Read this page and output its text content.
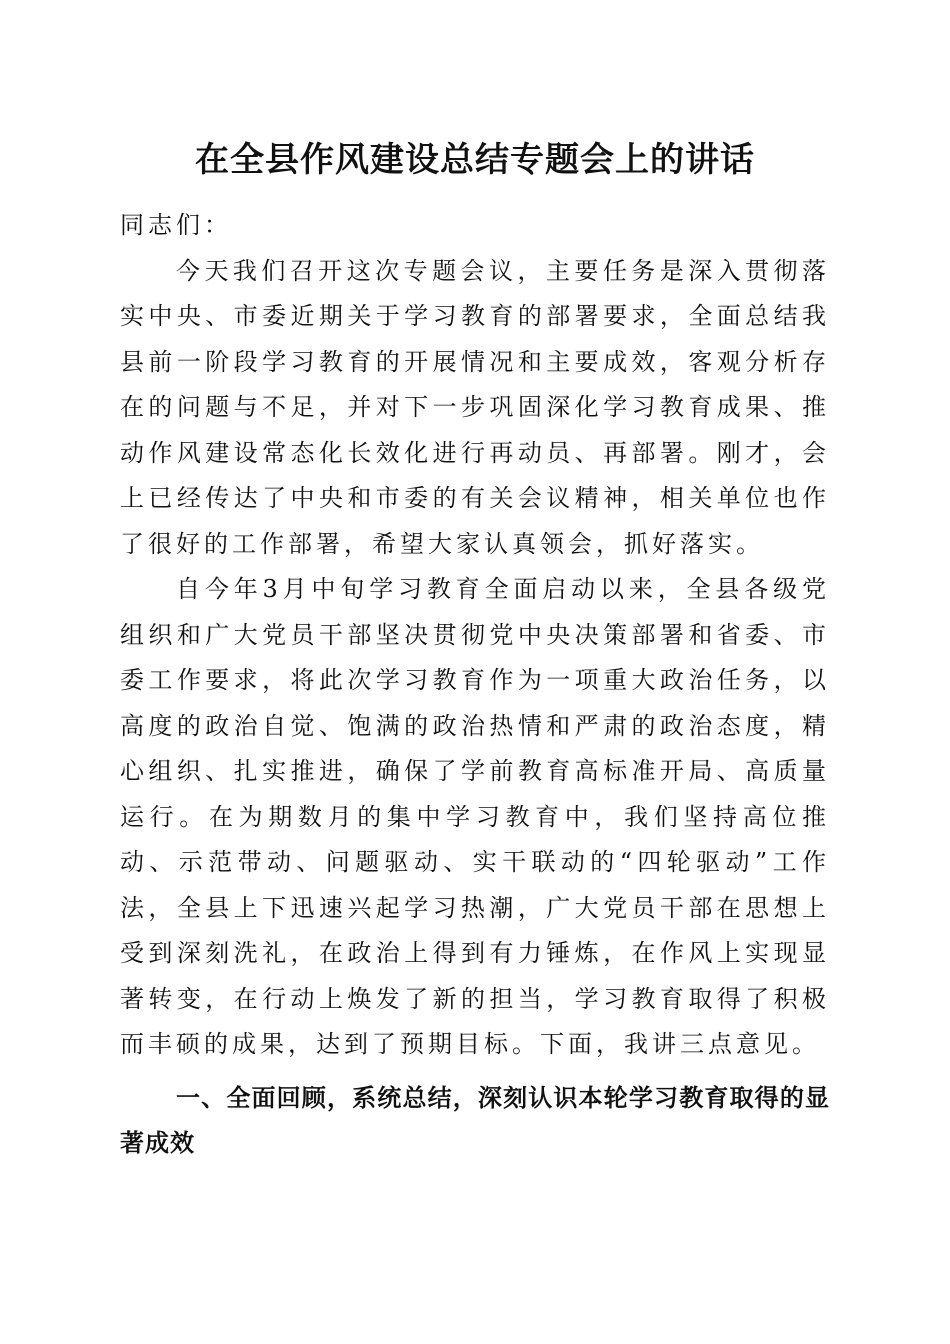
在全县作风建设总结专题会上的讲话

同志们：

今天我们召开这次专题会议，主要任务是深入贯彻落实中央、市委近期关于学习教育的部署要求，全面总结我县前一阶段学习教育的开展情况和主要成效，客观分析存在的问题与不足，并对下一步巩固深化学习教育成果、推动作风建设常态化长效化进行再动员、再部署。刚才，会上已经传达了中央和市委的有关会议精神，相关单位也作了很好的工作部署，希望大家认真领会，抓好落实。

自今年3月中旬学习教育全面启动以来，全县各级党组织和广大党员干部坚决贯彻党中央决策部署和省委、市委工作要求，将此次学习教育作为一项重大政治任务，以高度的政治自觉、饱满的政治热情和严肃的政治态度，精心组织、扎实推进，确保了学前教育高标准开局、高质量运行。在为期数月的集中学习教育中，我们坚持高位推动、示范带动、问题驱动、实干联动的“四轮驱动”工作法，全县上下迅速兴起学习热潮，广大党员干部在思想上受到深刻洗礼，在政治上得到有力锤炼，在作风上实现显著转变，在行动上焕发了新的担当，学习教育取得了积极而丰硕的成果，达到了预期目标。下面，我讲三点意见。

一、全面回顾，系统总结，深刻认识本轮学习教育取得的显著成效
